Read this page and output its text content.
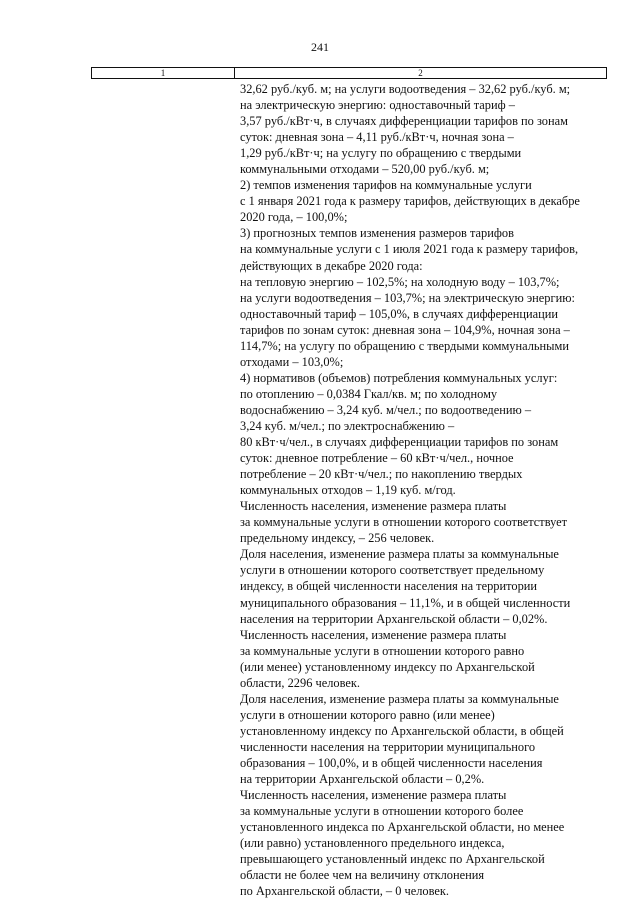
241
1	2
32,62 руб./куб. м; на услуги водоотведения – 32,62 руб./куб. м;
на электрическую энергию: одноставочный тариф –
3,57 руб./кВт·ч, в случаях дифференциации тарифов по зонам
суток: дневная зона – 4,11 руб./кВт·ч, ночная зона –
1,29 руб./кВт·ч; на услугу по обращению с твердыми
коммунальными отходами – 520,00 руб./куб. м;
2) темпов изменения тарифов на коммунальные услуги
с 1 января 2021 года к размеру тарифов, действующих в декабре
2020 года, – 100,0%;
3) прогнозных темпов изменения размеров тарифов
на коммунальные услуги с 1 июля 2021 года к размеру тарифов,
действующих в декабре 2020 года:
на тепловую энергию – 102,5%; на холодную воду – 103,7%;
на услуги водоотведения – 103,7%; на электрическую энергию:
одноставочный тариф – 105,0%, в случаях дифференциации
тарифов по зонам суток: дневная зона – 104,9%, ночная зона –
114,7%; на услугу по обращению с твердыми коммунальными
отходами – 103,0%;
4) нормативов (объемов) потребления коммунальных услуг:
по отоплению – 0,0384 Гкал/кв. м; по холодному
водоснабжению – 3,24 куб. м/чел.; по водоотведению –
3,24 куб. м/чел.; по электроснабжению –
80 кВт·ч/чел., в случаях дифференциации тарифов по зонам
суток: дневное потребление – 60 кВт·ч/чел., ночное
потребление – 20 кВт·ч/чел.; по накоплению твердых
коммунальных отходов – 1,19 куб. м/год.
Численность населения, изменение размера платы
за коммунальные услуги в отношении которого соответствует
предельному индексу, – 256 человек.
Доля населения, изменение размера платы за коммунальные
услуги в отношении которого соответствует предельному
индексу, в общей численности населения на территории
муниципального образования – 11,1%, и в общей численности
населения на территории Архангельской области – 0,02%.
Численность населения, изменение размера платы
за коммунальные услуги в отношении которого равно
(или менее) установленному индексу по Архангельской
области, 2296 человек.
Доля населения, изменение размера платы за коммунальные
услуги в отношении которого равно (или менее)
установленному индексу по Архангельской области, в общей
численности населения на территории муниципального
образования – 100,0%, и в общей численности населения
на территории Архангельской области – 0,2%.
Численность населения, изменение размера платы
за коммунальные услуги в отношении которого более
установленного индекса по Архангельской области, но менее
(или равно) установленного предельного индекса,
превышающего установленный индекс по Архангельской
области не более чем на величину отклонения
по Архангельской области, – 0 человек.
